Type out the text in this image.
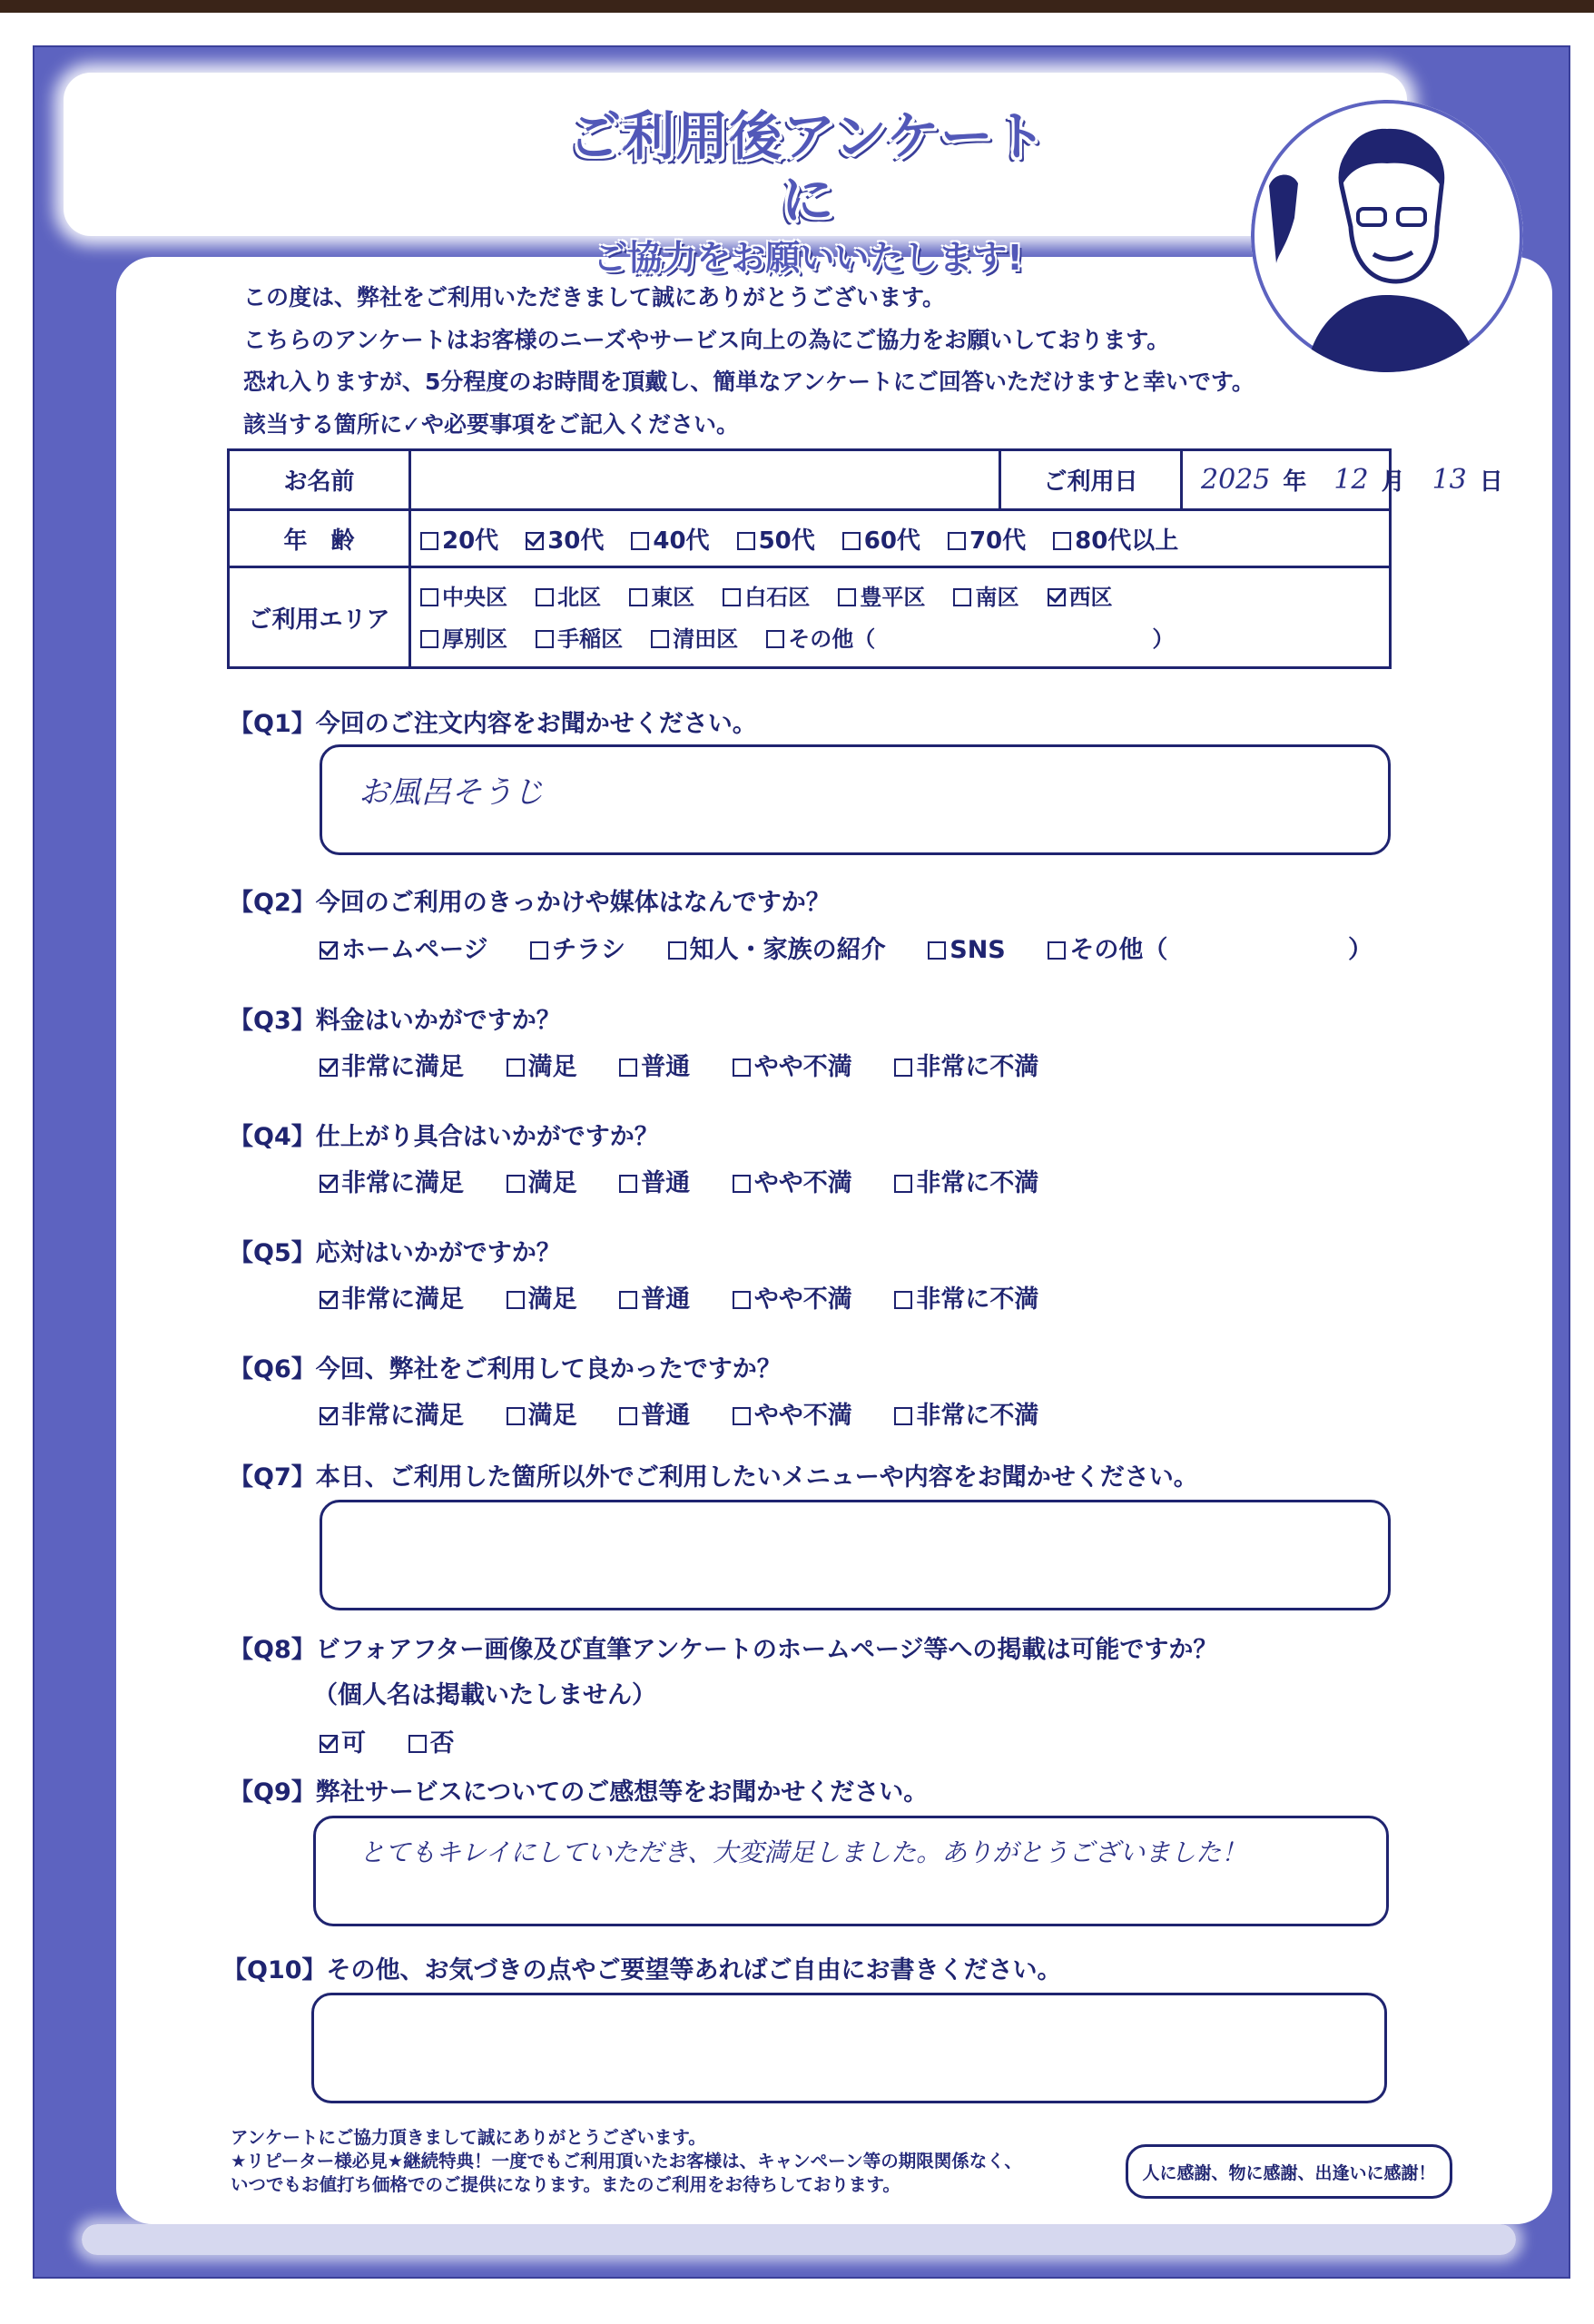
ご利用後アンケートに
ご協力をお願いいたします!

この度は、弊社をご利用いただきまして誠にありがとうございます。

こちらのアンケートはお客様のニーズやサービス向上の為にご協力をお願いしております。

恐れ入りますが、5分程度のお時間を頂戴し、簡単なアンケートにご回答いただけますと幸いです。

該当する箇所に✓や必要事項をご記入ください。

お名前	ご利用日	2025 年 12 月 13 日
年　齢	20代	30代	40代	50代	60代	70代	80代以上
ご利用エリア
中央区 北区 東区 白石区 豊平区 南区 西区
厚別区 手稲区 清田区 その他（	）
【Q1】今回のご注文内容をお聞かせください。
お風呂そうじ
【Q2】今回のご利用のきっかけや媒体はなんですか？
ホームページ	チラシ	知人・家族の紹介	SNS	その他（	）
【Q3】料金はいかがですか？
非常に満足	満足	普通	やや不満	非常に不満
【Q4】仕上がり具合はいかがですか？
非常に満足	満足	普通	やや不満	非常に不満
【Q5】応対はいかがですか？
非常に満足	満足	普通	やや不満	非常に不満
【Q6】今回、弊社をご利用して良かったですか？
非常に満足	満足	普通	やや不満	非常に不満
【Q7】本日、ご利用した箇所以外でご利用したいメニューや内容をお聞かせください。
【Q8】ビフォアフター画像及び直筆アンケートのホームページ等への掲載は可能ですか？
（個人名は掲載いたしません）
可	否
【Q9】弊社サービスについてのご感想等をお聞かせください。
とてもキレイにしていただき、大変満足しました。ありがとうございました！
【Q10】その他、お気づきの点やご要望等あればご自由にお書きください。

アンケートにご協力頂きまして誠にありがとうございます。

★リピーター様必見★継続特典！一度でもご利用頂いたお客様は、キャンペーン等の期限関係なく、

いつでもお値打ち価格でのご提供になります。またのご利用をお待ちしております。

人に感謝、物に感謝、出逢いに感謝！
